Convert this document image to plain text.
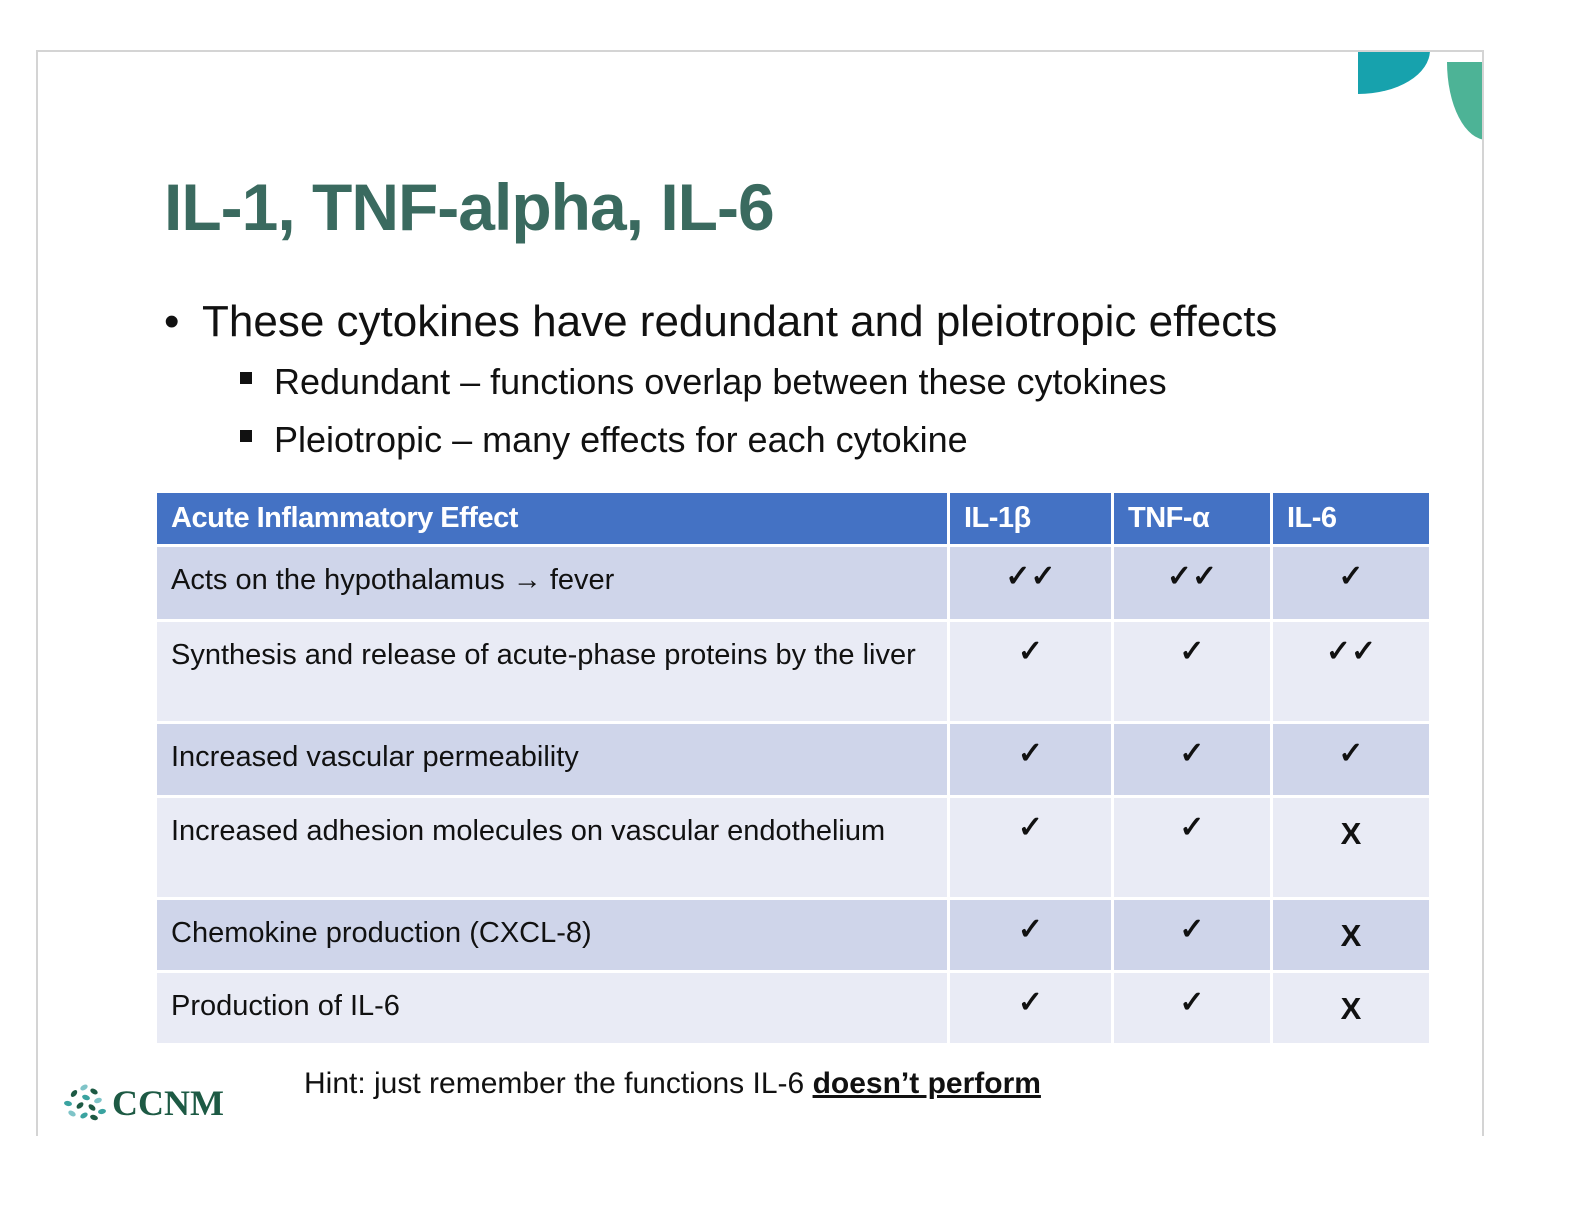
IL-1, TNF-alpha, IL-6
• These cytokines have redundant and pleiotropic effects
Redundant – functions overlap between these cytokines
Pleiotropic – many effects for each cytokine
Acute Inflammatory Effect	IL-1β	TNF-α	IL-6
Acts on the hypothalamus → fever	✓✓	✓✓	✓
Synthesis and release of acute-phase proteins by the liver	✓	✓	✓✓
Increased vascular permeability	✓	✓	✓
Increased adhesion molecules on vascular endothelium	✓	✓	X
Chemokine production (CXCL-8)	✓	✓	X
Production of IL-6	✓	✓	X
CCNM	Hint: just remember the functions IL-6 doesn’t perform
